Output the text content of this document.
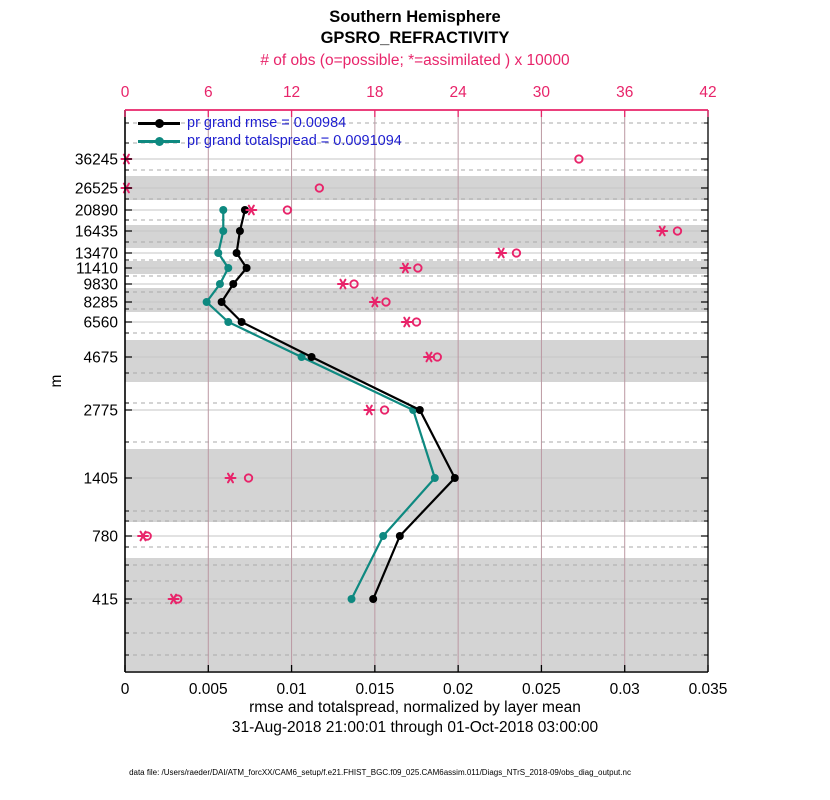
Southern Hemisphere
GPSRO_REFRACTIVITY
# of obs (o=possible; *=assimilated ) x 10000
0	0.005	0.01	0.015	0.02	0.025	0.03	0.035
0	6	12	18	24	30	36	42
36245
26525
20890
16435
13470
11410
9830
8285
6560
4675
2775
1405
780
415
pr grand rmse = 0.00984
pr grand totalspread = 0.0091094
m
rmse and totalspread, normalized by layer mean
31-Aug-2018 21:00:01 through 01-Oct-2018 03:00:00
data file: /Users/raeder/DAI/ATM_forcXX/CAM6_setup/f.e21.FHIST_BGC.f09_025.CAM6assim.011/Diags_NTrS_2018-09/obs_diag_output.nc
